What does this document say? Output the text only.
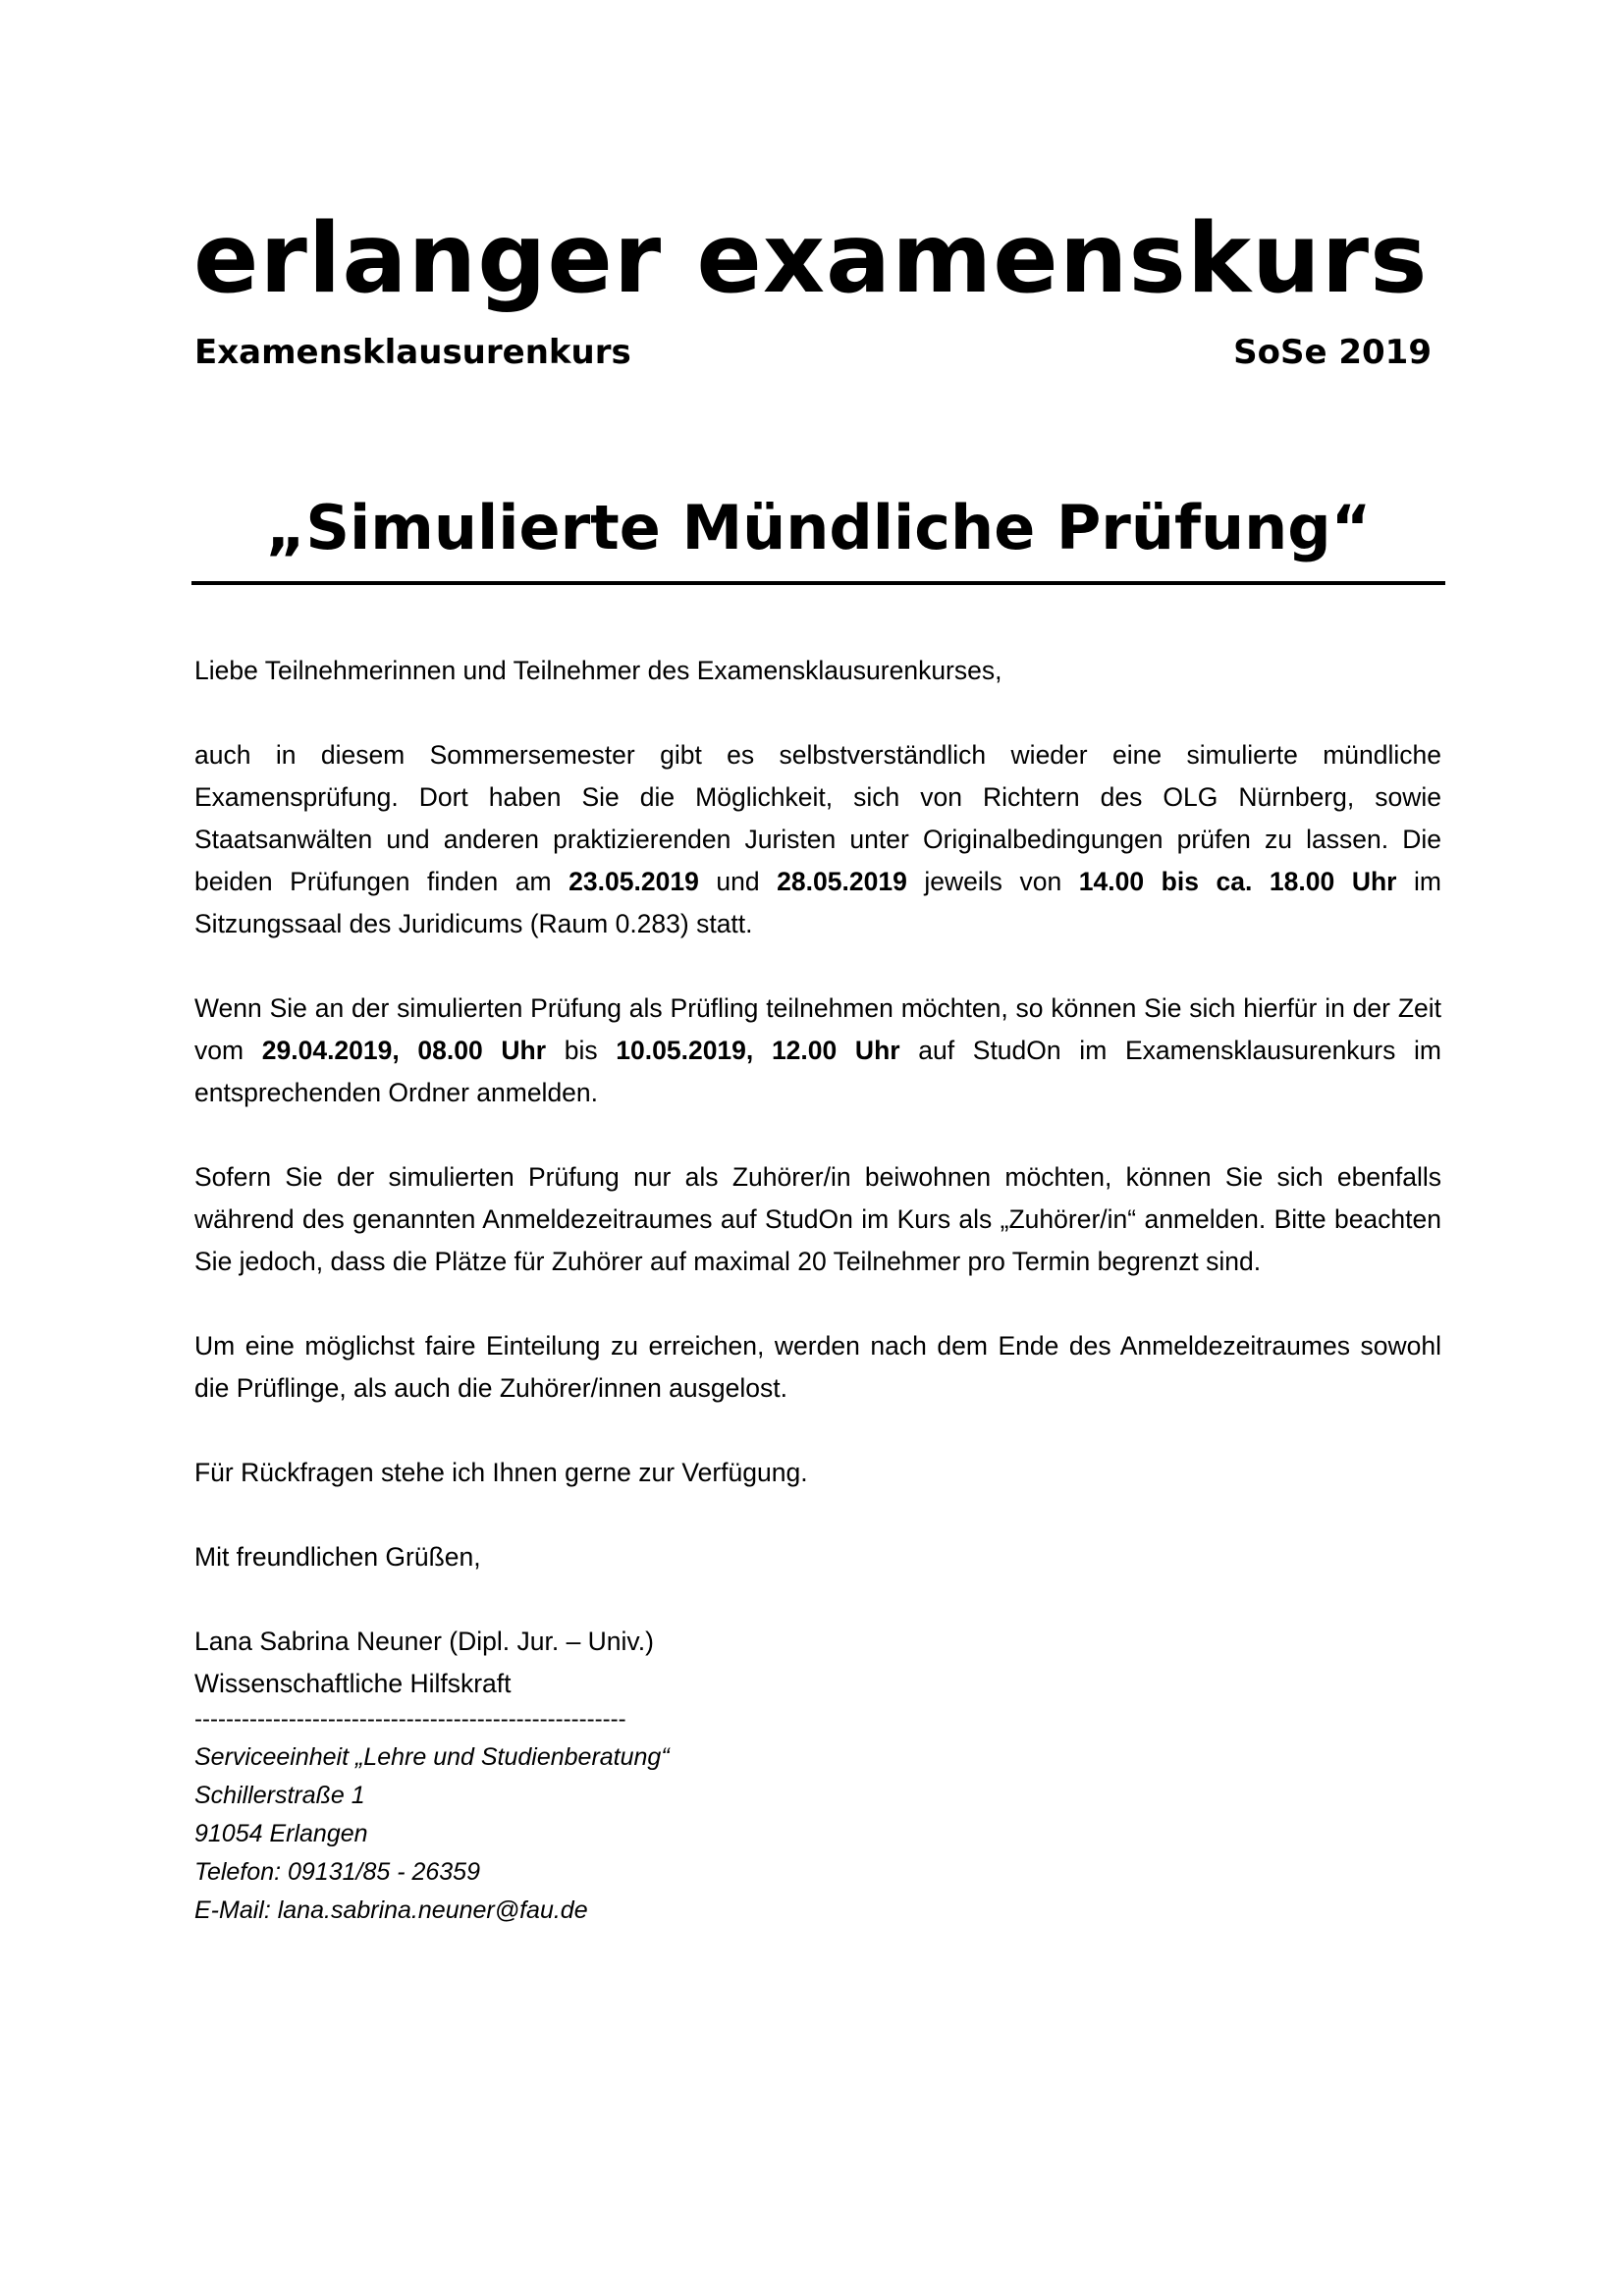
erlanger examenskurs
Examensklausurenkurs	SoSe 2019
„Simulierte Mündliche Prüfung“

Liebe Teilnehmerinnen und Teilnehmer des Examensklausurenkurses,

auch in diesem Sommersemester gibt es selbstverständlich wieder eine simulierte mündliche Examensprüfung. Dort haben Sie die Möglichkeit, sich von Richtern des OLG Nürnberg, sowie Staatsanwälten und anderen praktizierenden Juristen unter Originalbedingungen prüfen zu lassen. Die beiden Prüfungen finden am 23.05.2019 und 28.05.2019 jeweils von 14.00 bis ca. 18.00 Uhr im Sitzungssaal des Juridicums (Raum 0.283) statt.

Wenn Sie an der simulierten Prüfung als Prüfling teilnehmen möchten, so können Sie sich hierfür in der Zeit vom 29.04.2019, 08.00 Uhr bis 10.05.2019, 12.00 Uhr auf StudOn im Examensklausurenkurs im entsprechenden Ordner anmelden.

Sofern Sie der simulierten Prüfung nur als Zuhörer/in beiwohnen möchten, können Sie sich ebenfalls während des genannten Anmeldezeitraumes auf StudOn im Kurs als „Zuhörer/in“ anmelden. Bitte beachten Sie jedoch, dass die Plätze für Zuhörer auf maximal 20 Teilnehmer pro Termin begrenzt sind.

Um eine möglichst faire Einteilung zu erreichen, werden nach dem Ende des Anmeldezeitraumes sowohl die Prüflinge, als auch die Zuhörer/innen ausgelost.

Für Rückfragen stehe ich Ihnen gerne zur Verfügung.

Mit freundlichen Grüßen,

Lana Sabrina Neuner (Dipl. Jur. – Univ.)

Wissenschaftliche Hilfskraft

-------------------------------------------------------

Serviceeinheit „Lehre und Studienberatung“

Schillerstraße 1

91054 Erlangen

Telefon: 09131/85 - 26359

E-Mail: lana.sabrina.neuner@fau.de
